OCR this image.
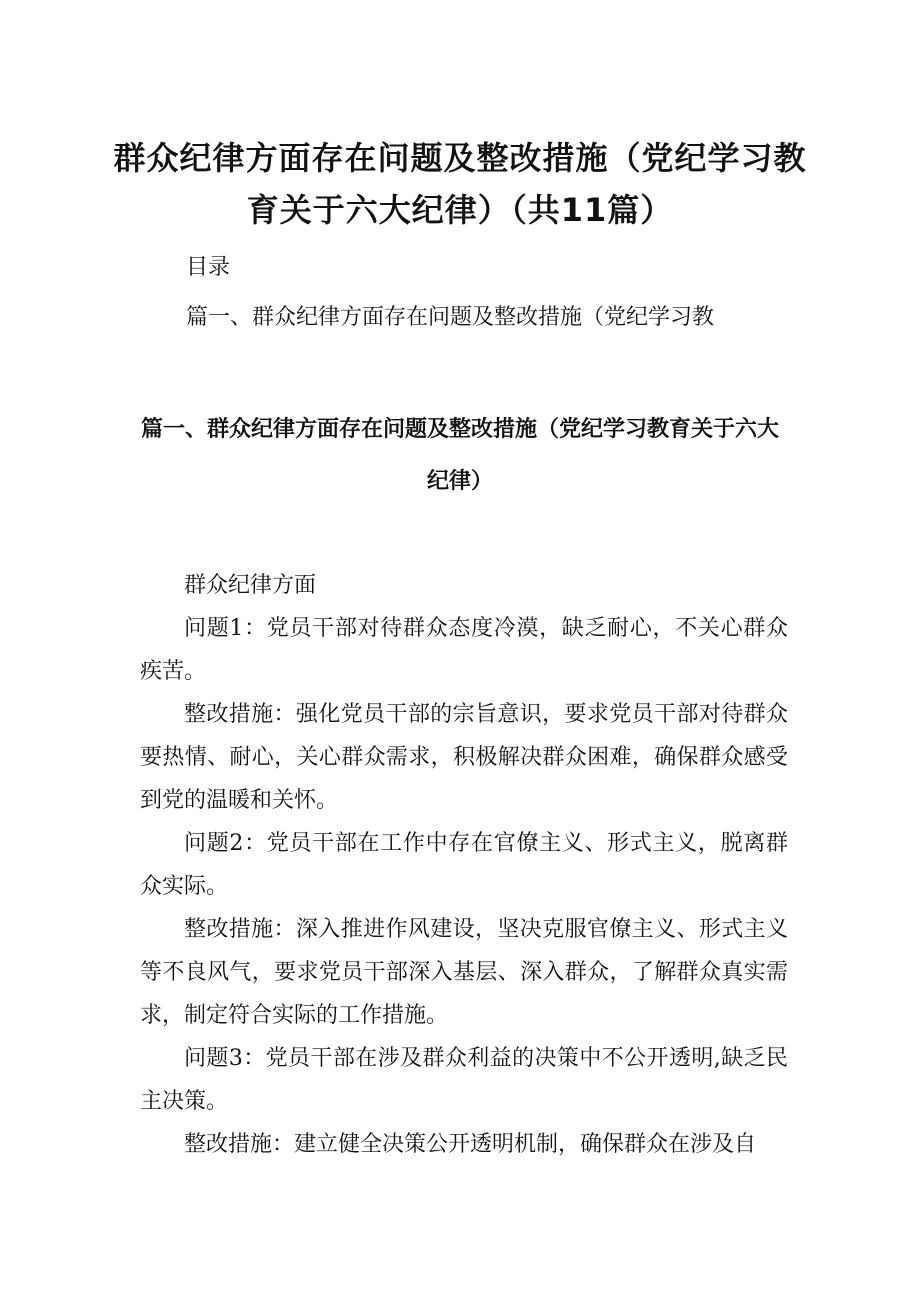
群众纪律方面存在问题及整改措施（党纪学习教育关于六大纪律）（共11篇）
目录
篇一、群众纪律方面存在问题及整改措施（党纪学习教
篇一、群众纪律方面存在问题及整改措施（党纪学习教育关于六大纪律）

群众纪律方面

问题1：党员干部对待群众态度冷漠，缺乏耐心，不关心群众疾苦。

整改措施：强化党员干部的宗旨意识，要求党员干部对待群众要热情、耐心，关心群众需求，积极解决群众困难，确保群众感受到党的温暖和关怀。

问题2：党员干部在工作中存在官僚主义、形式主义，脱离群众实际。

整改措施：深入推进作风建设，坚决克服官僚主义、形式主义等不良风气，要求党员干部深入基层、深入群众，了解群众真实需求，制定符合实际的工作措施。

问题3：党员干部在涉及群众利益的决策中不公开透明,缺乏民主决策。

整改措施：建立健全决策公开透明机制，确保群众在涉及自
